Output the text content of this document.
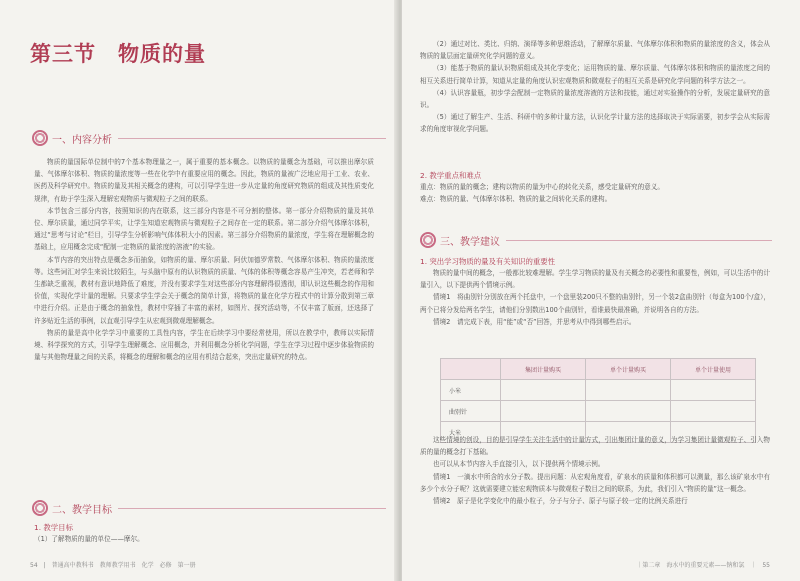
第三节　物质的量
一、内容分析

物质的量国际单位制中的7个基本物理量之一，属于重要的基本概念。以物质的量概念为基础，可以推出摩尔质量、气体摩尔体积、物质的量浓度等一些在化学中有重要应用的概念。因此，物质的量被广泛地应用于工业、农业、医药及科学研究中。物质的量及其相关概念的建构，可以引导学生进一步从定量的角度研究物质的组成及其性质变化规律，有助于学生深入理解宏观物质与微观粒子之间的联系。

本节包含三部分内容，按照知识的内在联系，这三部分内容是不可分割的整体。第一部分介绍物质的量及其单位、摩尔质量，通过同学平实，让学生知道宏观物质与微观粒子之间存在一定的联系。第二部分介绍气体摩尔体积，通过“思考与讨论”栏目，引导学生分析影响气体体积大小的因素。第三部分介绍物质的量浓度，学生将在理解概念的基础上，应用概念完成“配制一定物质的量浓度的溶液”的实验。

本节内容的突出特点是概念多而抽象，如物质的量、摩尔质量、阿伏加德罗常数、气体摩尔体积、物质的量浓度等。这些词汇对学生来说比较陌生，与头脑中原有的认识物质的质量、气体的体积等概念容易产生冲突，若老师和学生都缺乏重视，教材有意识地降低了难度，并没有要求学生对这些部分内容理解得很透彻，即认识这些概念的作用和价值，实现化学计量的理解。只要求学生学会关于概念的简单计算，将物质的量在化学方程式中的计算分散到第三章中进行介绍。正是由于概念的抽象性，教材中穿插了丰富的素材，如图片、探究活动等，不仅丰富了版面，还选择了许多贴近生活的事例，以直观引导学生从宏观到微观理解概念。

物质的量是高中化学学习中重要的工具性内容，学生在后续学习中要经常使用，所以在教学中，教师以实际情境、科学探究的方式，引导学生理解概念、应用概念，并利用概念分析化学问题，学生在学习过程中逐步体验物质的量与其他物理量之间的关系，将概念的理解和概念的应用有机结合起来，突出定量研究的特点。

二、教学目标

1. 教学目标

（1）了解物质的量的单位——摩尔。

54　|　普通高中教科书　教师教学用书　化学　必修　第一册

（2）通过对比、类比、归纳、演绎等多种思维活动，了解摩尔质量、气体摩尔体积和物质的量浓度的含义，体会从物质的量层面定量研究化学问题的意义。

（3）能基于物质的量认识物质组成及其化学变化；运用物质的量、摩尔质量、气体摩尔体积和物质的量浓度之间的相互关系进行简单计算，知道从定量的角度认识宏观物质和微观粒子的相互关系是研究化学问题的科学方法之一。

（4）认识容量瓶，初步学会配制一定物质的量浓度溶液的方法和技能，通过对实验操作的分析，发展定量研究的意识。

（5）通过了解生产、生活、科研中的多种计量方法，认识化学计量方法的选择取决于实际需要，初步学会从实际需求的角度审视化学问题。

2. 教学重点和难点

重点：物质的量的概念；建构以物质的量为中心的转化关系，感受定量研究的意义。

难点：物质的量、气体摩尔体积、物质的量之间转化关系的建构。

三、教学建议

1. 突出学习物质的量及有关知识的重要性

物质的量中间的概念，一般都比较难理解。学生学习物质的量及有关概念的必要性和重要性，例如，可以生活中的计量引入，以下提供两个情境示例。

情境1　将曲别针分别放在两个托盘中，一个盘里装200只不整的曲别针，另一个装2盒曲别针（每盒为100个/盒），两个已将分发给两名学生，请他们分别数出100个曲别针，看谁最快最准确，并说明各自的方法。

情境2　请完成下表，用“能”或“否”回答，并思考从中得到哪些启示。

	集团计量购买	单个计量购买	单个计量使用
小米			
曲别针			
大米			

这些情境的创设，目的是引导学生关注生活中的计量方式，引出集团计量的意义，为学习集团计量微观粒子、引入物质的量的概念打下基础。

也可以从本节内容入手直接引入，以下提供两个情境示例。

情境1　一滴水中所含的水分子数。提出问题：从宏观角度看，矿泉水的质量和体积都可以测量，那么该矿泉水中有多少个水分子呢？这就需要建立能宏观物质本与微观粒子数目之间的联系，为此，我们引入“物质的量”这一概念。

情境2　原子是化学变化中的最小粒子，分子与分子、原子与原子较一定的比例关系进行

｜第二章　海水中的重要元素——钠和氯　｜　55
